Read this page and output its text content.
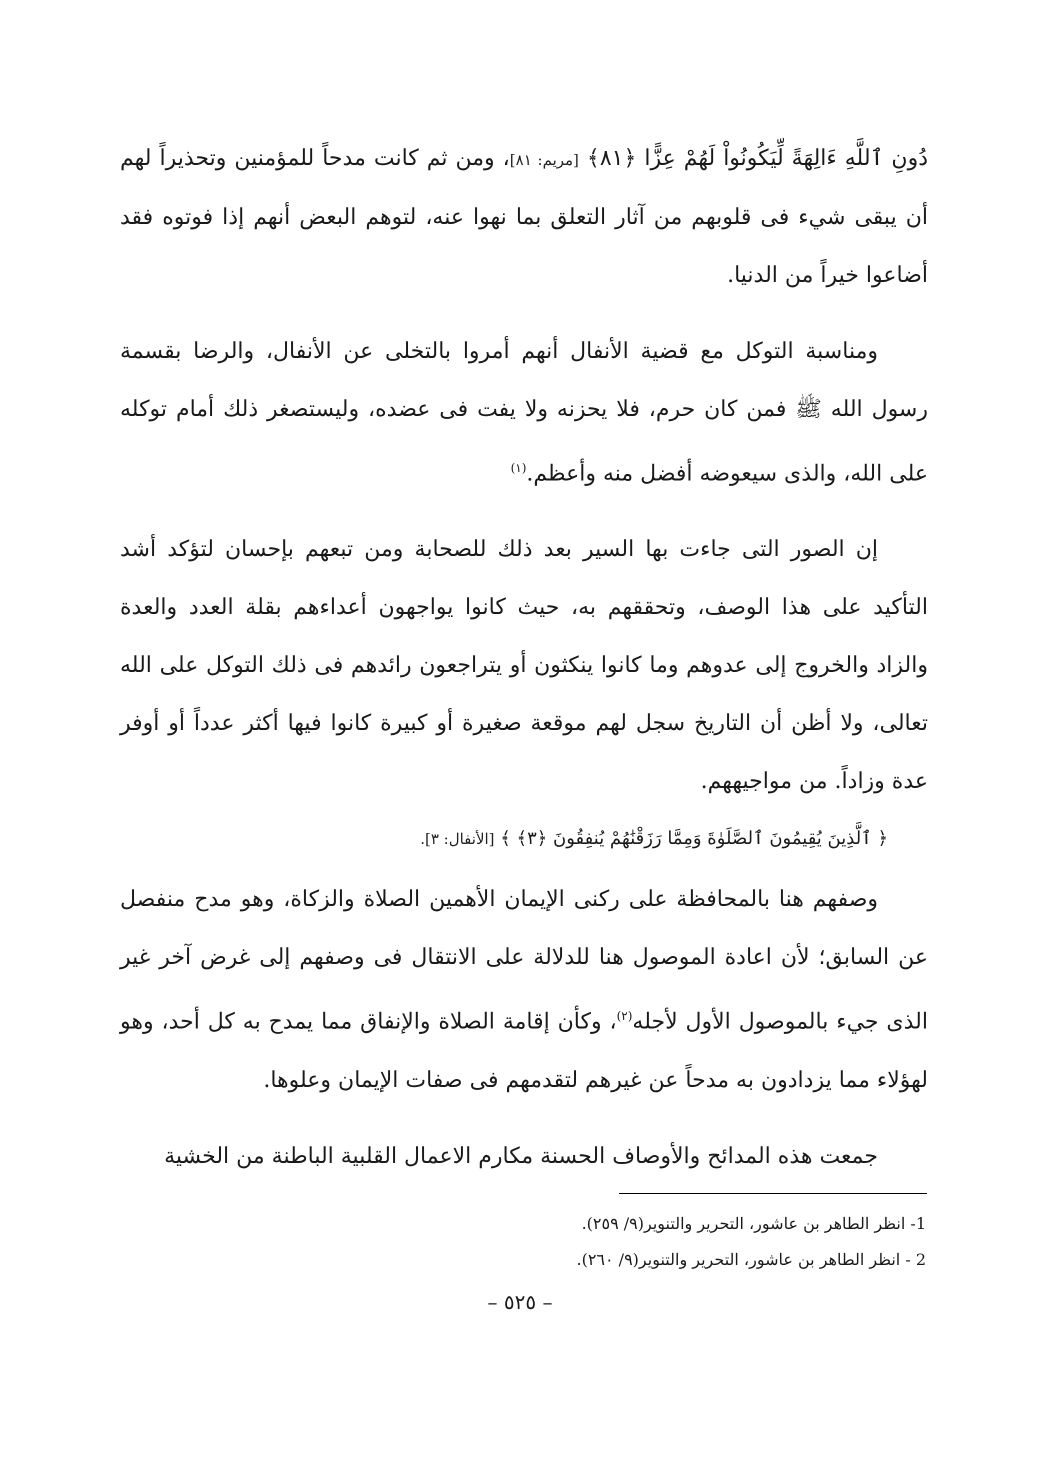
دُونِ ٱللَّهِ ءَالِهَةً لِّيَكُونُواْ لَهُمْ عِزًّا ﴿٨١﴾ [مريم: ٨١]، ومن ثم كانت مدحاً للمؤمنين وتحذيراً لهم أن يبقى شيء فى قلوبهم من آثار التعلق بما نهوا عنه، لتوهم البعض أنهم إذا فوتوه فقد أضاعوا خيراً من الدنيا.

ومناسبة التوكل مع قضية الأنفال أنهم أمروا بالتخلى عن الأنفال، والرضا بقسمة رسول الله ﷺ فمن كان حرم، فلا يحزنه ولا يفت فى عضده، وليستصغر ذلك أمام توكله على الله، والذى سيعوضه أفضل منه وأعظم.$^{(١)}$

إن الصور التى جاءت بها السير بعد ذلك للصحابة ومن تبعهم بإحسان لتؤكد أشد التأكيد على هذا الوصف، وتحققهم به، حيث كانوا يواجهون أعداءهم بقلة العدد والعدة والزاد والخروج إلى عدوهم وما كانوا ينكثون أو يتراجعون رائدهم فى ذلك التوكل على الله تعالى، ولا أظن أن التاريخ سجل لهم موقعة صغيرة أو كبيرة كانوا فيها أكثر عدداً أو أوفر عدة وزاداً. من مواجيههم.

﴿ ٱلَّذِينَ يُقِيمُونَ ٱلصَّلَوٰةَ وَمِمَّا رَزَقْنَٰهُمْ يُنفِقُونَ ﴿٣﴾ ﴾ [الأنفال: ٣].

وصفهم هنا بالمحافظة على ركنى الإيمان الأهمين الصلاة والزكاة، وهو مدح منفصل عن السابق؛ لأن اعادة الموصول هنا للدلالة على الانتقال فى وصفهم إلى غرض آخر غير الذى جيء بالموصول الأول لأجله$^{(٢)}$، وكأن إقامة الصلاة والإنفاق مما يمدح به كل أحد، وهو لهؤلاء مما يزدادون به مدحاً عن غيرهم لتقدمهم فى صفات الإيمان وعلوها.

جمعت هذه المدائح والأوصاف الحسنة مكارم الاعمال القلبية الباطنة من الخشية

1- انظر الطاهر بن عاشور، التحرير والتنوير(٩/ ٢٥٩).
2 - انظر الطاهر بن عاشور، التحرير والتنوير(٩/ ٢٦٠).
– ٥٢٥ –
